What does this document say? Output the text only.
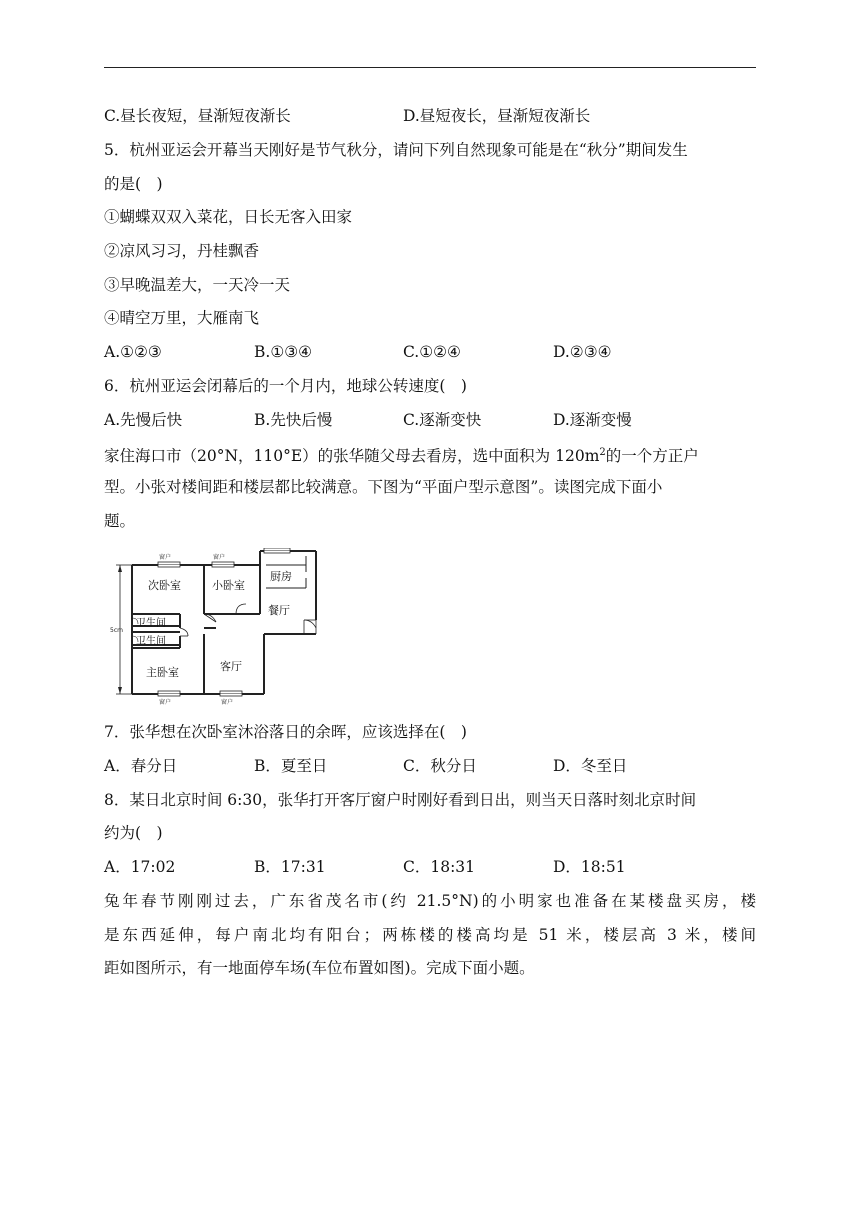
C.昼长夜短，昼渐短夜渐长	D.昼短夜长，昼渐短夜渐长
5．杭州亚运会开幕当天刚好是节气秋分，请问下列自然现象可能是在“秋分”期间发生
的是(　)
①蝴蝶双双入菜花，日长无客入田家
②凉风习习，丹桂飘香
③早晚温差大，一天冷一天
④晴空万里，大雁南飞
A.①②③	B.①③④	C.①②④	D.②③④
6．杭州亚运会闭幕后的一个月内，地球公转速度(　)
A.先慢后快	B.先快后慢	C.逐渐变快	D.逐渐变慢
家住海口市（20°N，110°E）的张华随父母去看房，选中面积为 $120m^2$的一个方正户
型。小张对楼间距和楼层都比较满意。下图为“平面户型示意图”。读图完成下面小
题。
窗户	窗户
窗户	窗户
5cm
次卧室	小卧室
厨房
餐厅
卫生间
卫生间
主卧室	客厅
7．张华想在次卧室沐浴落日的余晖，应该选择在(　)
A．春分日	B．夏至日	C．秋分日	D．冬至日
8．某日北京时间 6:30，张华打开客厅窗户时刚好看到日出，则当天日落时刻北京时间
约为(　)
A．17:02	B．17:31	C．18:31	D．18:51
兔年春节刚刚过去，广东省茂名市(约 21.5°N)的小明家也准备在某楼盘买房，楼
是东西延伸，每户南北均有阳台；两栋楼的楼高均是 51 米，楼层高 3 米，楼间
距如图所示，有一地面停车场(车位布置如图)。完成下面小题。
